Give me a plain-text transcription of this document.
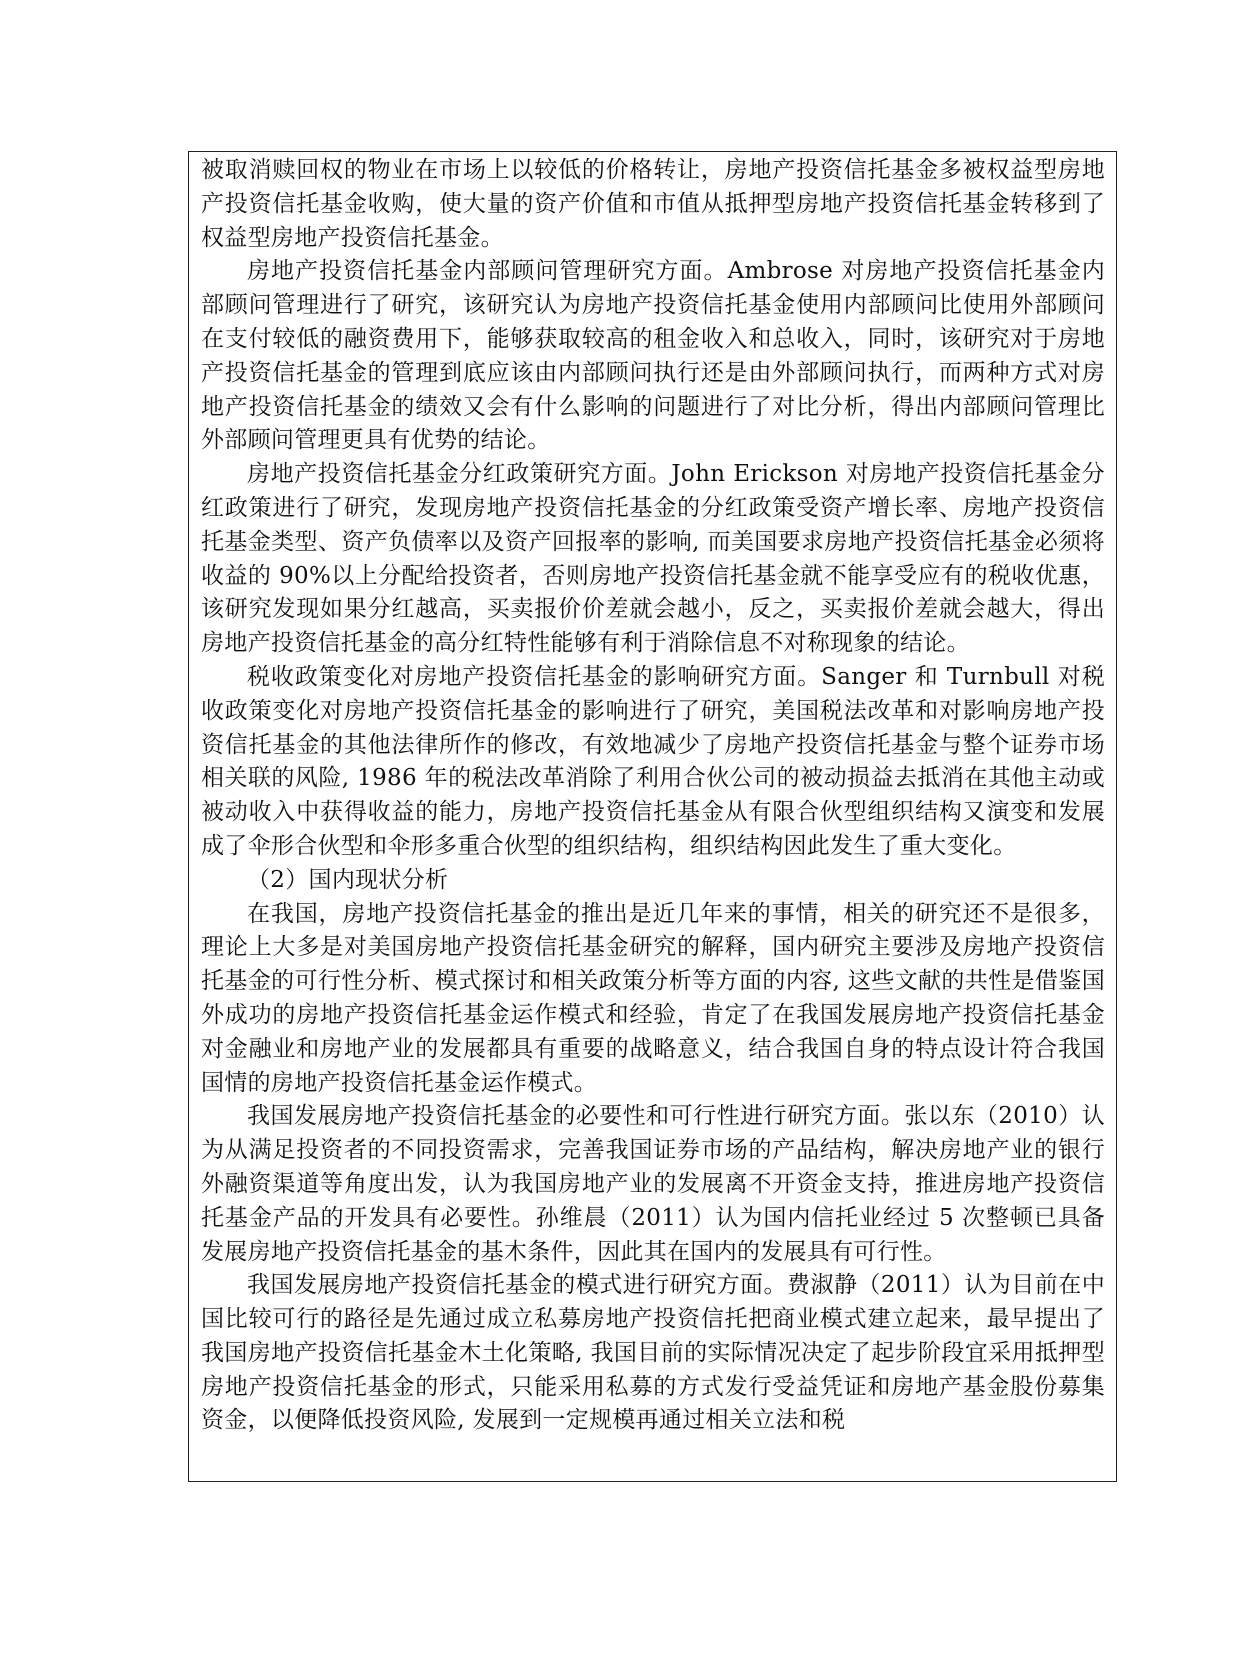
被取消赎回权的物业在市场上以较低的价格转让，房地产投资信托基金多被权益型房地产投资信托基金收购，使大量的资产价值和市值从抵押型房地产投资信托基金转移到了权益型房地产投资信托基金。

房地产投资信托基金内部顾问管理研究方面。Ambrose 对房地产投资信托基金内部顾问管理进行了研究，该研究认为房地产投资信托基金使用内部顾问比使用外部顾问在支付较低的融资费用下，能够获取较高的租金收入和总收入，同时，该研究对于房地产投资信托基金的管理到底应该由内部顾问执行还是由外部顾问执行，而两种方式对房地产投资信托基金的绩效又会有什么影响的问题进行了对比分析，得出内部顾问管理比外部顾问管理更具有优势的结论。

房地产投资信托基金分红政策研究方面。John Erickson 对房地产投资信托基金分红政策进行了研究，发现房地产投资信托基金的分红政策受资产增长率、房地产投资信托基金类型、资产负债率以及资产回报率的影响, 而美国要求房地产投资信托基金必须将收益的 90%以上分配给投资者，否则房地产投资信托基金就不能享受应有的税收优惠，该研究发现如果分红越高，买卖报价价差就会越小，反之，买卖报价差就会越大，得出房地产投资信托基金的高分红特性能够有利于消除信息不对称现象的结论。

税收政策变化对房地产投资信托基金的影响研究方面。Sanger 和 Turnbull 对税收政策变化对房地产投资信托基金的影响进行了研究，美国税法改革和对影响房地产投资信托基金的其他法律所作的修改，有效地减少了房地产投资信托基金与整个证券市场相关联的风险, 1986 年的税法改革消除了利用合伙公司的被动损益去抵消在其他主动或被动收入中获得收益的能力，房地产投资信托基金从有限合伙型组织结构又演变和发展成了伞形合伙型和伞形多重合伙型的组织结构，组织结构因此发生了重大变化。

（2）国内现状分析

在我国，房地产投资信托基金的推出是近几年来的事情，相关的研究还不是很多，理论上大多是对美国房地产投资信托基金研究的解释，国内研究主要涉及房地产投资信托基金的可行性分析、模式探讨和相关政策分析等方面的内容, 这些文献的共性是借鉴国外成功的房地产投资信托基金运作模式和经验，肯定了在我国发展房地产投资信托基金对金融业和房地产业的发展都具有重要的战略意义，结合我国自身的特点设计符合我国国情的房地产投资信托基金运作模式。

我国发展房地产投资信托基金的必要性和可行性进行研究方面。张以东（2010）认为从满足投资者的不同投资需求，完善我国证券市场的产品结构，解决房地产业的银行外融资渠道等角度出发，认为我国房地产业的发展离不开资金支持，推进房地产投资信托基金产品的开发具有必要性。孙维晨（2011）认为国内信托业经过 5 次整顿已具备发展房地产投资信托基金的基木条件，因此其在国内的发展具有可行性。

我国发展房地产投资信托基金的模式进行研究方面。费淑静（2011）认为目前在中国比较可行的路径是先通过成立私募房地产投资信托把商业模式建立起来，最早提出了我国房地产投资信托基金木土化策略, 我国目前的实际情况决定了起步阶段宜采用抵押型房地产投资信托基金的形式，只能采用私募的方式发行受益凭证和房地产基金股份募集资金，以便降低投资风险, 发展到一定规模再通过相关立法和税
